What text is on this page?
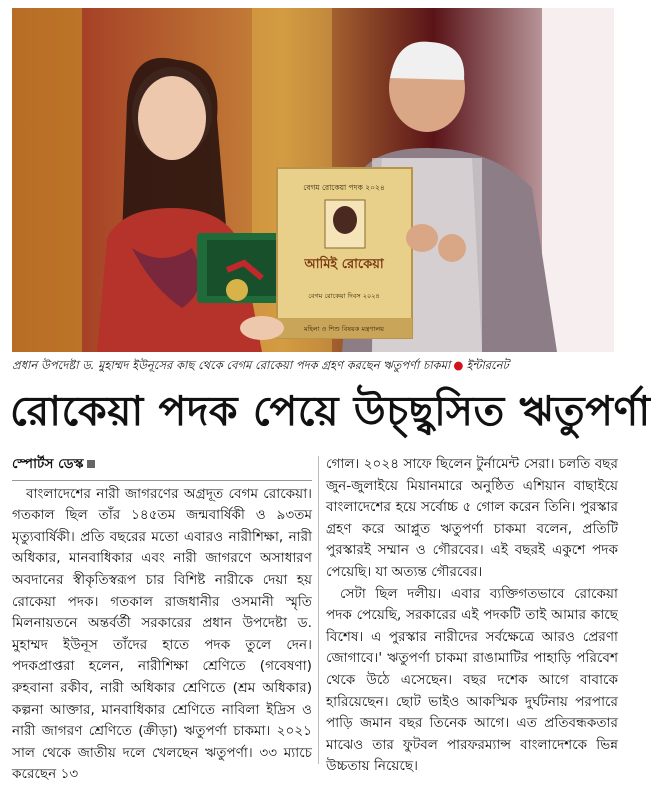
বেগম রোকেয়া পদক ২০২৪
আমিই রোকেয়া
বেগম রোকেয়া দিবস ২০২৪
মহিলা ও শিশু বিষয়ক মন্ত্রণালয়
প্রধান উপদেষ্টা ড. মুহাম্মদ ইউনূসের কাছ থেকে বেগম রোকেয়া পদক গ্রহণ করছেন ঋতুপর্ণা চাকমা ● ইন্টারনেট
রোকেয়া পদক পেয়ে উচ্ছ্বসিত ঋতুপর্ণা
স্পোর্টস ডেস্ক

বাংলাদেশের নারী জাগরণের অগ্রদূত বেগম রোকেয়া। গতকাল ছিল তাঁর ১৪৫তম জন্মবার্ষিকী ও ৯৩তম মৃত্যুবার্ষিকী। প্রতি বছরের মতো এবারও নারীশিক্ষা, নারী অধিকার, মানবাধিকার এবং নারী জাগরণে অসাধারণ অবদানের স্বীকৃতিস্বরূপ চার বিশিষ্ট নারীকে দেয়া হয় রোকেয়া পদক। গতকাল রাজধানীর ওসমানী স্মৃতি মিলনায়তনে অন্তর্বর্তী সরকারের প্রধান উপদেষ্টা ড. মুহাম্মদ ইউনূস তাঁদের হাতে পদক তুলে দেন। পদকপ্রাপ্তরা হলেন, নারীশিক্ষা শ্রেণিতে (গবেষণা) রুহবানা রকীব, নারী অধিকার শ্রেণিতে (শ্রম অধিকার) কল্পনা আক্তার, মানবাধিকার শ্রেণিতে নাবিলা ইদ্রিস ও নারী জাগরণ শ্রেণিতে (ক্রীড়া) ঋতুপর্ণা চাকমা। ২০২১ সাল থেকে জাতীয় দলে খেলছেন ঋতুপর্ণা। ৩৩ ম্যাচে করেছেন ১৩

গোল। ২০২৪ সাফে ছিলেন টুর্নামেন্ট সেরা। চলতি বছর জুন-জুলাইয়ে মিয়ানমারে অনুষ্ঠিত এশিয়ান বাছাইয়ে বাংলাদেশের হয়ে সর্বোচ্চ ৫ গোল করেন তিনি। পুরস্কার গ্রহণ করে আপ্লুত ঋতুপর্ণা চাকমা বলেন, প্রতিটি পুরস্কারই সম্মান ও গৌরবের। এই বছরই একুশে পদক পেয়েছি। যা অত্যন্ত গৌরবের।

সেটা ছিল দলীয়। এবার ব্যক্তিগতভাবে রোকেয়া পদক পেয়েছি, সরকারের এই পদকটি তাই আমার কাছে বিশেষ। এ পুরস্কার নারীদের সর্বক্ষেত্রে আরও প্রেরণা জোগাবে।' ঋতুপর্ণা চাকমা রাঙামাটির পাহাড়ি পরিবেশ থেকে উঠে এসেছেন। বছর দশেক আগে বাবাকে হারিয়েছেন। ছোট ভাইও আকস্মিক দুর্ঘটনায় পরপারে পাড়ি জমান বছর তিনেক আগে। এত প্রতিবন্ধকতার মাঝেও তার ফুটবল পারফরম্যান্স বাংলাদেশকে ভিন্ন উচ্চতায় নিয়েছে।
